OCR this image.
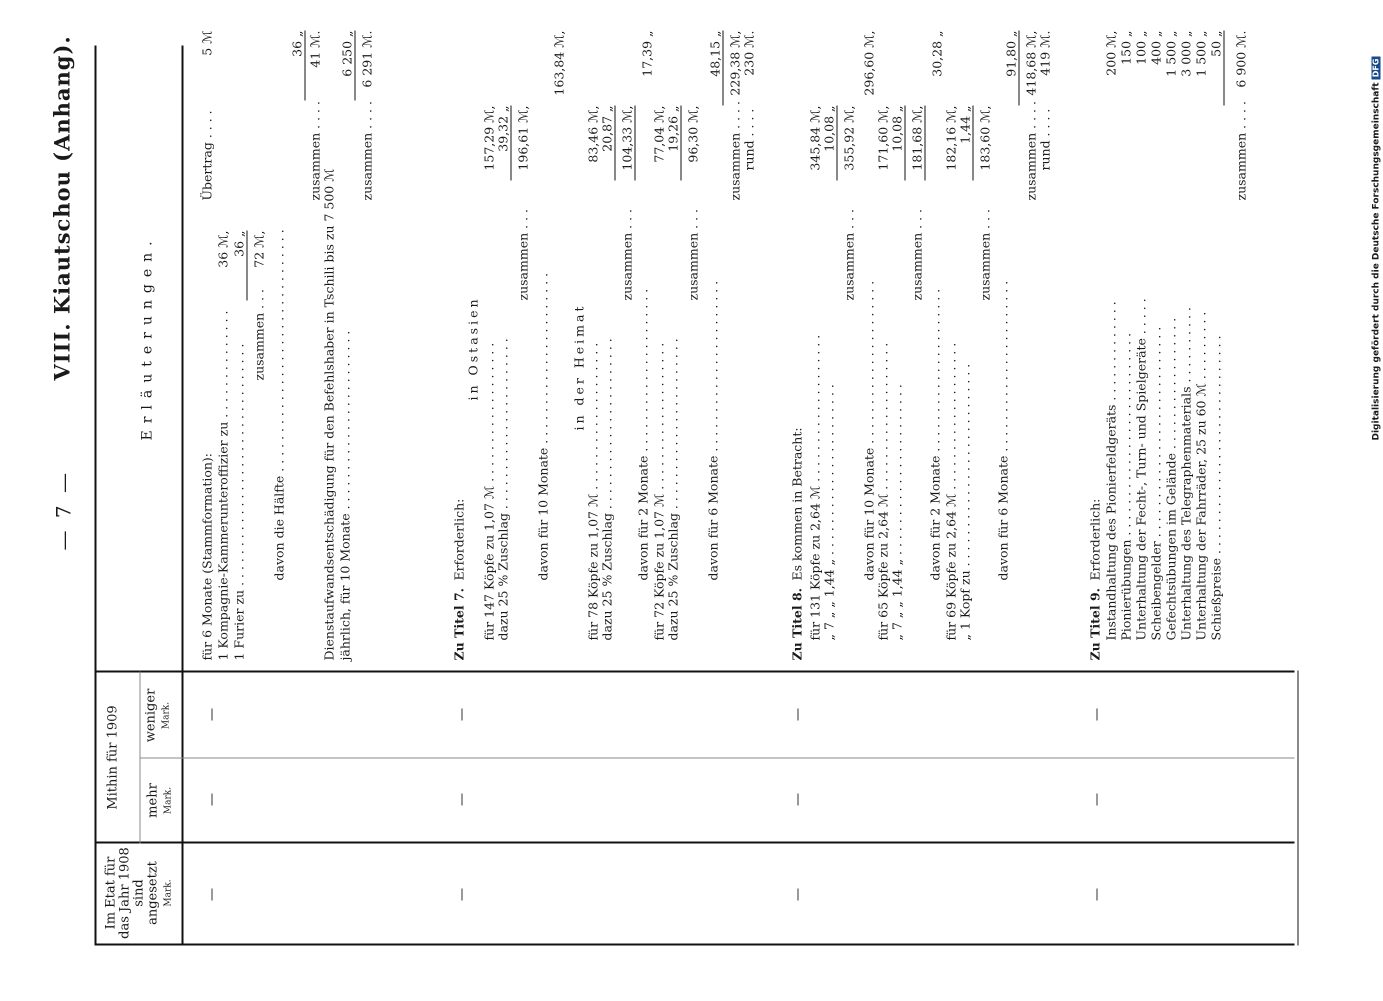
— 7 —
VIII. Kiautschou (Anhang).
Im Etat für das Jahr 1908 sind angesetzt Mark.
Mithin für 1909 mehr Mark.
weniger Mark.
Erläuterungen.
für 6 Monate (Stammformation):
Übertrag . . . .
5 ℳ
1 Kompagnie-Kammerunteroffizier zu . . . . . . . . . . . . . .
36 ℳ,
1 Furier zu . . . . . . . . . . . . . . . . . . . . . . . . . . . . . . .
36 „
zusammen . . .
72 ℳ, davon die Hälfte . . . . . . . . . . . . . . . . . . . . . . . . . . . . . . .
36 „
zusammen . . . .
41 ℳ.
Dienstaufwandsentschädigung für den Befehlshaber in Tschili bis zu 7 500 ℳ jährlich, für 10 Monate . . . . . . . . . . . . . . . . . . . . . . .
6 250 „
zusammen . . . .
6 291 ℳ.
Zu Titel 7.
Erforderlich:
in Ostasien für 147 Köpfe zu 1,07 ℳ . . . . . . . . . . . . . . . . . .
157,29 ℳ,
dazu 25 % Zuschlag . . . . . . . . . . . . . . . . . . . . . .
39,32 „
zusammen . . .
196,61 ℳ,
davon für 10 Monate . . . . . . . . . . . . . . . . . . . . . .
163,84 ℳ,
in der Heimat für 78 Köpfe zu 1,07 ℳ . . . . . . . . . . . . . . . . . . .
83,46 ℳ,
dazu 25 % Zuschlag . . . . . . . . . . . . . . . . . . . . . .
20,87 „
zusammen . . .
104,33 ℳ,
davon für 2 Monate . . . . . . . . . . . . . . . . . . . . .
17,39 „
für 72 Köpfe zu 1,07 ℳ . . . . . . . . . . . . . . . . . . .
77,04 ℳ,
dazu 25 % Zuschlag . . . . . . . . . . . . . . . . . . . . . .
19,26 „
zusammen . . .
96,30 ℳ,
davon für 6 Monate . . . . . . . . . . . . . . . . . . . . . .
48,15 „
zusammen . . . .
229,38 ℳ,
rund . . . .
230 ℳ.
Zu Titel 8.
Es kommen in Betracht: für 131 Köpfe zu 2,64 ℳ . . . . . . . . . . . . . . . . . . .
345,84 ℳ,
„ 7 „ „ 1,44 „ . . . . . . . . . . . . . . . . . . . . . .
10,08 „
zusammen . . .
355,92 ℳ,
davon für 10 Monate . . . . . . . . . . . . . . . . . . . . .
296,60 ℳ,
für 65 Köpfe zu 2,64 ℳ . . . . . . . . . . . . . . . . . . .
171,60 ℳ,
„ 7 „ „ 1,44 „ . . . . . . . . . . . . . . . . . . . . . .
10,08 „
zusammen . . .
181,68 ℳ,
davon für 2 Monate . . . . . . . . . . . . . . . . . . . . .
30,28 „
für 69 Köpfe zu 2,64 ℳ . . . . . . . . . . . . . . . . . . .
182,16 ℳ,
„ 1 Kopf zu . . . . . . . . . . . . . . . . . . . . . . . . . .
1,44 „
zusammen . . .
183,60 ℳ,
davon für 6 Monate . . . . . . . . . . . . . . . . . . . . . .
91,80 „
zusammen . . . .
418,68 ℳ,
rund . . . .
419 ℳ.
Zu Titel 9.
Erforderlich: Instandhaltung des Pionierfeldgeräts . . . . . . . . . . . . .
200 ℳ,
Pionierübungen . . . . . . . . . . . . . . . . . . . . . . . . . .
150 „
Unterhaltung der Fecht-, Turn- und Spielgeräte . . . . .
100 „
Scheibengelder . . . . . . . . . . . . . . . . . . . . . . . . . . .
400 „
Gefechtsübungen im Gelände . . . . . . . . . . . . . . . . .
1 500 „
Unterhaltung des Telegraphenmaterials . . . . . . . . . .
3 000 „
Unterhaltung der Fahrräder, 25 zu 60 ℳ . . . . . . . . .
1 500 „
Schießpreise . . . . . . . . . . . . . . . . . . . . . . . . . . . .
50 „
zusammen . . . .
6 900 ℳ.
Digitalisierung gefördert durch die Deutsche Forschungsgemeinschaft DFG
